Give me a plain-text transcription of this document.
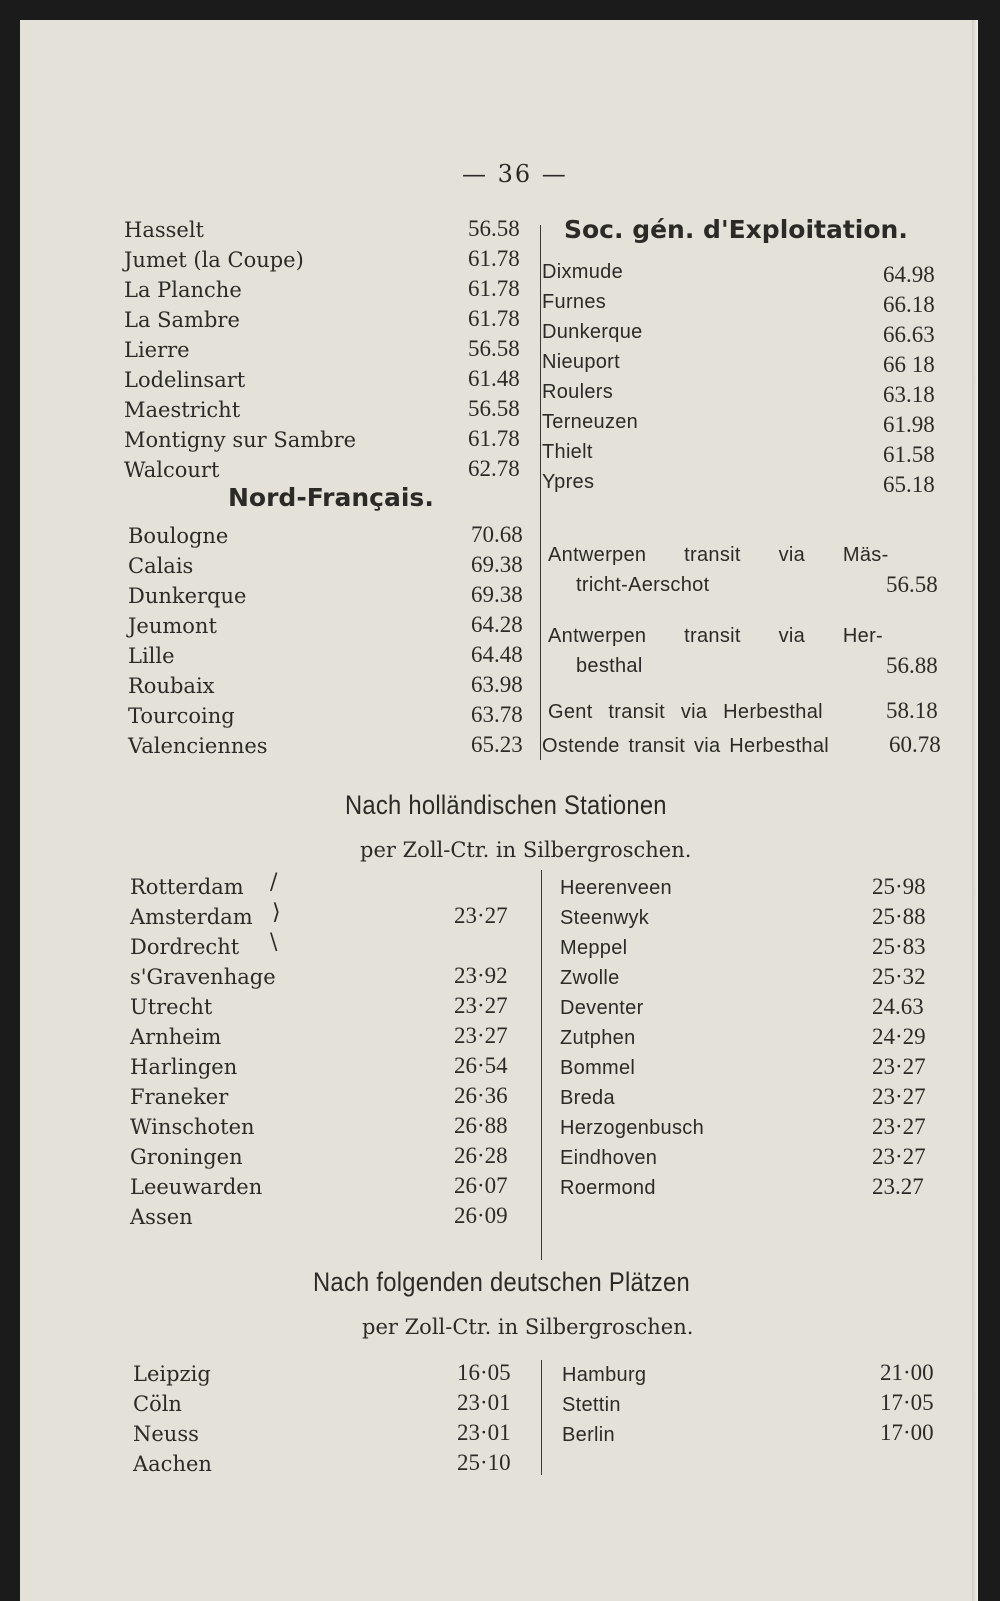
— 36 —
Hasselt	56.58
Jumet (la Coupe)	61.78
La Planche	61.78
La Sambre	61.78
Lierre	56.58
Lodelinsart	61.48
Maestricht	56.58
Montigny sur Sambre	61.78
Walcourt	62.78
Nord-Français.
Boulogne	70.68
Calais	69.38
Dunkerque	69.38
Jeumont	64.28
Lille	64.48
Roubaix	63.98
Tourcoing	63.78
Valenciennes	65.23
Soc. gén. d'Exploitation.
Dixmude	64.98
Furnes	66.18
Dunkerque	66.63
Nieuport	66 18
Roulers	63.18
Terneuzen	61.98
Thielt	61.58
Ypres	65.18
Antwerpen transit via Mäs-
tricht-Aerschot	56.58
Antwerpen transit via Her-
besthal	56.88
Gent transit via Herbesthal	58.18
Ostende transit via Herbesthal	60.78
Nach holländischen Stationen
per Zoll-Ctr. in Silbergroschen.
/
⟩
\
Rotterdam
Amsterdam	23·27
Dordrecht
s'Gravenhage	23·92
Utrecht	23·27
Arnheim	23·27
Harlingen	26·54
Franeker	26·36
Winschoten	26·88
Groningen	26·28
Leeuwarden	26·07
Assen	26·09
Heerenveen	25·98
Steenwyk	25·88
Meppel	25·83
Zwolle	25·32
Deventer	24.63
Zutphen	24·29
Bommel	23·27
Breda	23·27
Herzogenbusch	23·27
Eindhoven	23·27
Roermond	23.27
Nach folgenden deutschen Plätzen
per Zoll-Ctr. in Silbergroschen.
Leipzig	16·05
Cöln	23·01
Neuss	23·01
Aachen	25·10
Hamburg	21·00
Stettin	17·05
Berlin	17·00
